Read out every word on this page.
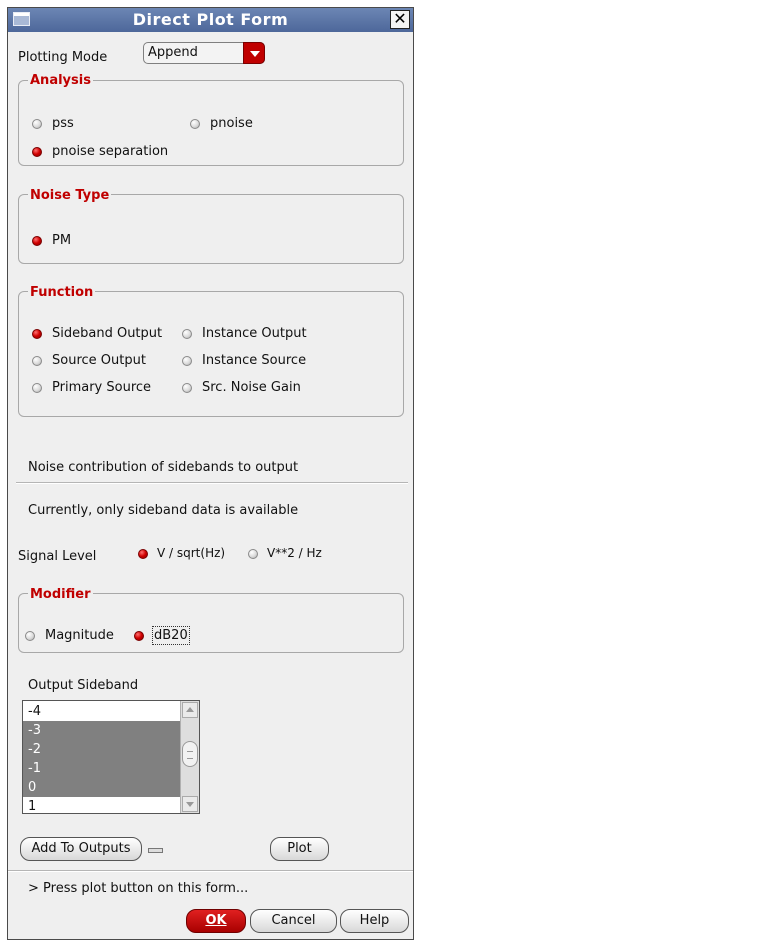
Direct Plot Form	✕
Plotting Mode	Append
Analysis
pss	pnoise
pnoise separation
Noise Type
PM
Function
Sideband Output	Instance Output
Source Output	Instance Source
Primary Source	Src. Noise Gain
Noise contribution of sidebands to output
Currently, only sideband data is available
Signal Level	V / sqrt(Hz)	V**2 / Hz
Modifier
Magnitude	dB20
Output Sideband
-4
-3
-2
-1
0
1
Add To Outputs	Plot
> Press plot button on this form...
OK	Cancel	Help
